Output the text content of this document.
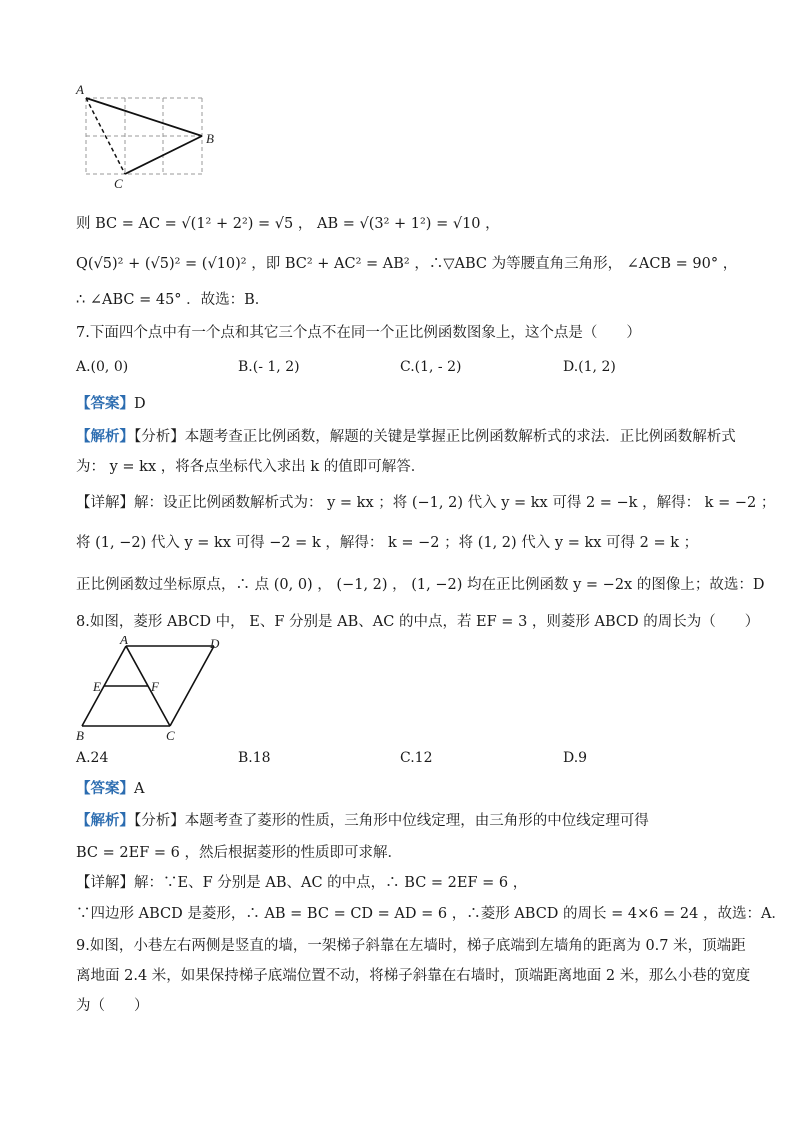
A
B
C
则 BC = AC = √(1² + 2²) = √5 ， AB = √(3² + 1²) = √10 ，
Q(√5)² + (√5)² = (√10)² ，即 BC² + AC² = AB² ，∴▽ABC 为等腰直角三角形， ∠ACB = 90° ，
∴ ∠ABC = 45° ．故选：B．
7.下面四个点中有一个点和其它三个点不在同一个正比例函数图象上，这个点是（　　）
A.(0, 0)	B.(- 1, 2)	C.(1, - 2)	D.(1, 2)
【答案】D
【解析】【分析】本题考查正比例函数，解题的关键是掌握正比例函数解析式的求法．正比例函数解析式
为： y = kx ，将各点坐标代入求出 k 的值即可解答．
【详解】解：设正比例函数解析式为： y = kx ；将 (−1, 2) 代入 y = kx 可得 2 = −k ，解得： k = −2 ；
将 (1, −2) 代入 y = kx 可得 −2 = k ，解得： k = −2 ；将 (1, 2) 代入 y = kx 可得 2 = k ；
正比例函数过坐标原点，∴ 点 (0, 0) ， (−1, 2) ， (1, −2) 均在正比例函数 y = −2x 的图像上；故选：D
8.如图，菱形 ABCD 中， E、F 分别是 AB、AC 的中点，若 EF = 3 ，则菱形 ABCD 的周长为（　　）
A	D
E	F
B	C
A.24	B.18	C.12	D.9
【答案】A
【解析】【分析】本题考查了菱形的性质，三角形中位线定理，由三角形的中位线定理可得
BC = 2EF = 6 ，然后根据菱形的性质即可求解．
【详解】解：∵E、F 分别是 AB、AC 的中点，∴ BC = 2EF = 6 ，
∵四边形 ABCD 是菱形，∴ AB = BC = CD = AD = 6 ，∴菱形 ABCD 的周长 = 4×6 = 24 ，故选：A．
9.如图，小巷左右两侧是竖直的墙，一架梯子斜靠在左墙时，梯子底端到左墙角的距离为 0.7 米，顶端距
离地面 2.4 米，如果保持梯子底端位置不动，将梯子斜靠在右墙时，顶端距离地面 2 米，那么小巷的宽度
为（　　）
